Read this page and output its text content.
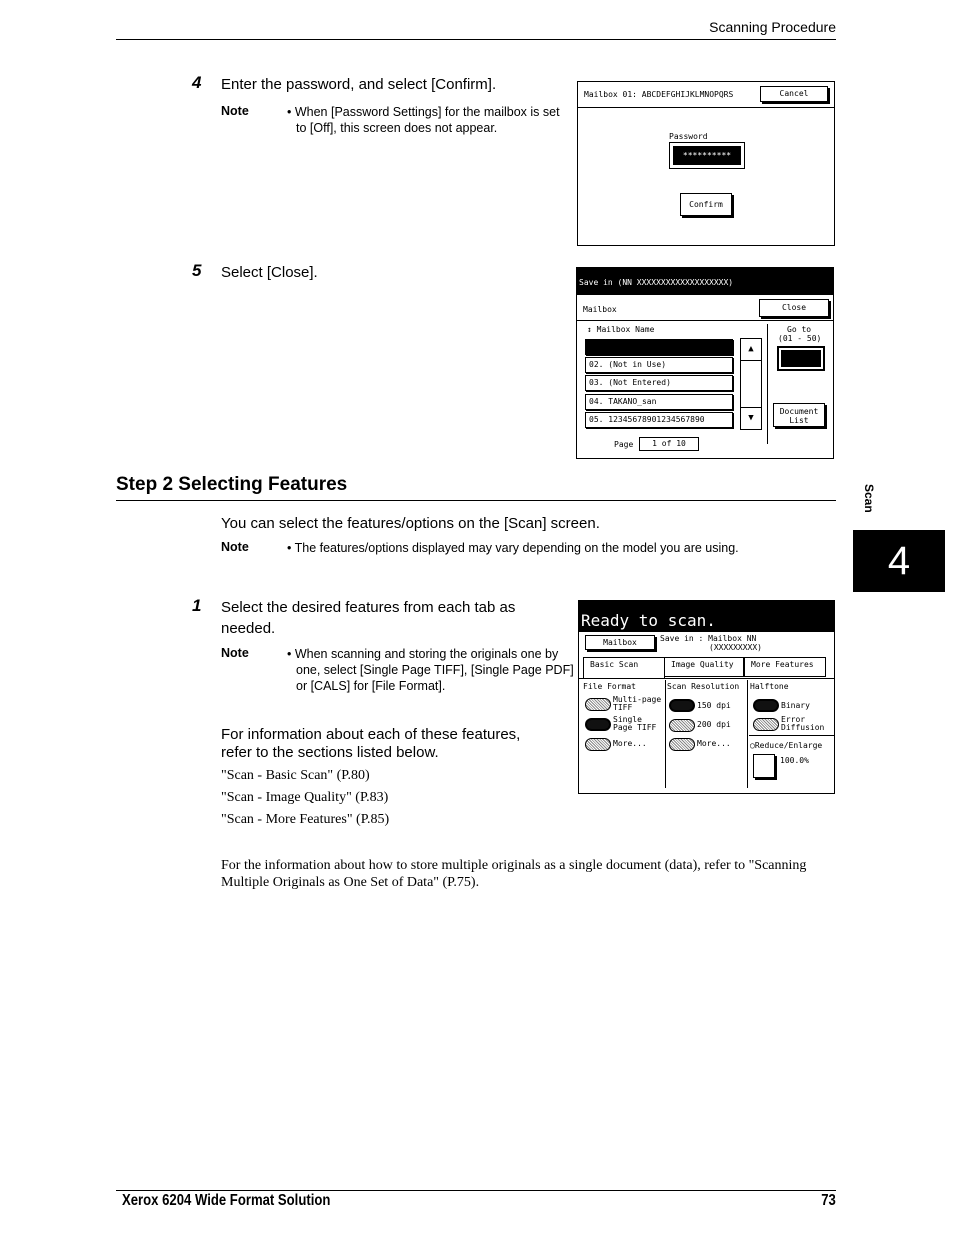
Scanning Procedure
4 Enter the password, and select [Confirm].
Note	• When [Password Settings] for the mailbox is set to [Off], this screen does not appear.
Mailbox 01: ABCDEFGHIJKLMNOPQRS	Cancel
Password
**********
Confirm
5 Select [Close].
Save in (NN XXXXXXXXXXXXXXXXXXX)
Mailbox	Close
↕ Mailbox Name
02. (Not in Use)
03. (Not Entered)
04. TAKANO_san
05. 12345678901234567890
▲
▼
Go to
(01 - 50)
Document
List
Page	1 of 10
Step 2 Selecting Features
You can select the features/options on the [Scan] screen.
Note	• The features/options displayed may vary depending on the model you are using.
1 Select the desired features from each tab as
needed.
Note	• When scanning and storing the originals one by one, select [Single Page TIFF], [Single Page PDF] or [CALS] for [File Format].
For information about each of these features,
refer to the sections listed below.
"Scan - Basic Scan" (P.80)
"Scan - Image Quality" (P.83)
"Scan - More Features" (P.85)
Ready to scan.
Mailbox	Save in : Mailbox NN
(XXXXXXXXX)
Basic Scan	Image Quality	More Features
File Format
Multi-page
TIFF
Single
Page TIFF
More...
Scan Resolution
150 dpi
200 dpi
More...
Halftone
Binary
Error
Diffusion
◯Reduce/Enlarge
100.0%
For the information about how to store multiple originals as a single document (data), refer to "Scanning Multiple Originals as One Set of Data" (P.75).
Scan
4
Xerox 6204 Wide Format Solution	73
